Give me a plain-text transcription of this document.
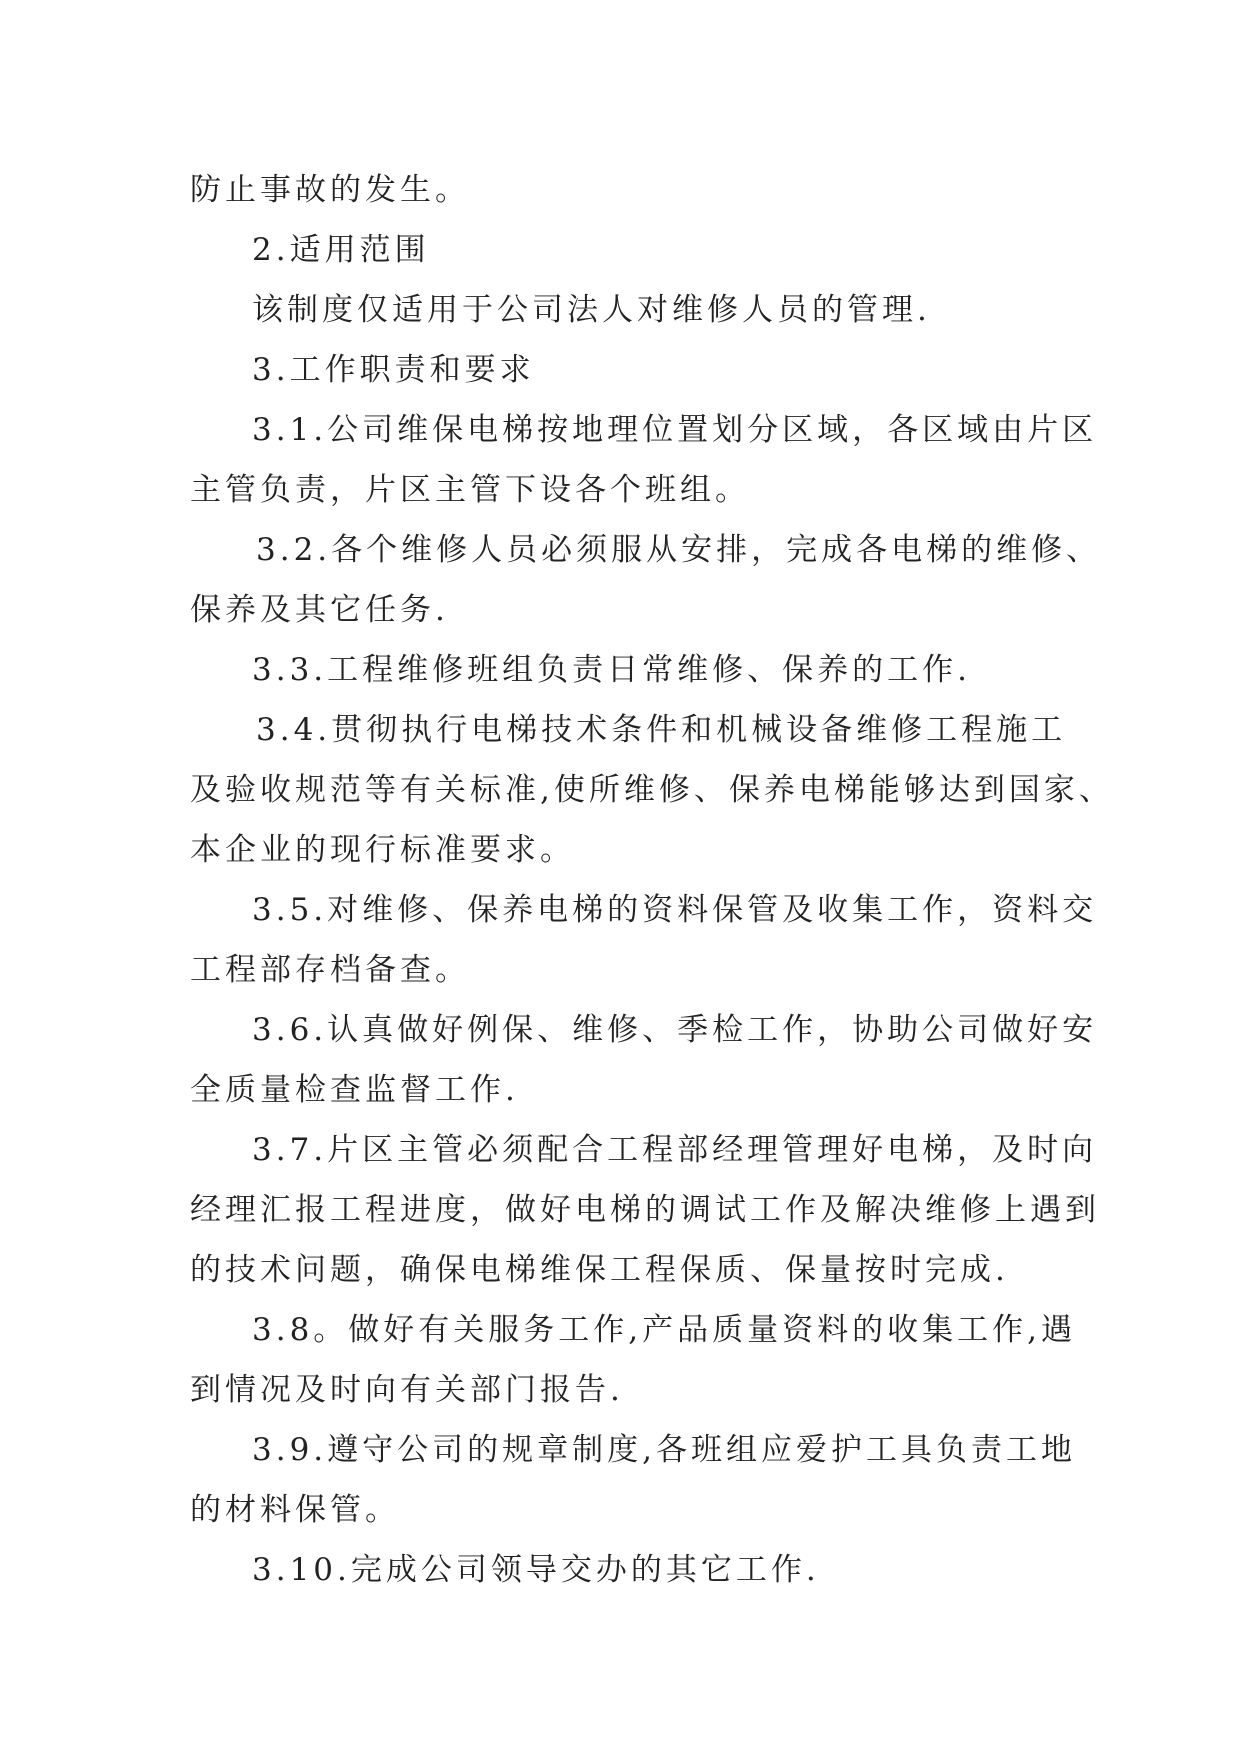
防止事故的发生。

2.适用范围

该制度仅适用于公司法人对维修人员的管理.

3.工作职责和要求

3.1.公司维保电梯按地理位置划分区域，各区域由片区

主管负责，片区主管下设各个班组。

3.2.各个维修人员必须服从安排，完成各电梯的维修、

保养及其它任务.

3.3.工程维修班组负责日常维修、保养的工作.

3.4.贯彻执行电梯技术条件和机械设备维修工程施工

及验收规范等有关标准,使所维修、保养电梯能够达到国家、

本企业的现行标准要求。

3.5.对维修、保养电梯的资料保管及收集工作，资料交

工程部存档备查。

3.6.认真做好例保、维修、季检工作，协助公司做好安

全质量检查监督工作.

3.7.片区主管必须配合工程部经理管理好电梯，及时向

经理汇报工程进度，做好电梯的调试工作及解决维修上遇到

的技术问题，确保电梯维保工程保质、保量按时完成.

3.8。做好有关服务工作,产品质量资料的收集工作,遇

到情况及时向有关部门报告.

3.9.遵守公司的规章制度,各班组应爱护工具负责工地

的材料保管。

3.10.完成公司领导交办的其它工作.
